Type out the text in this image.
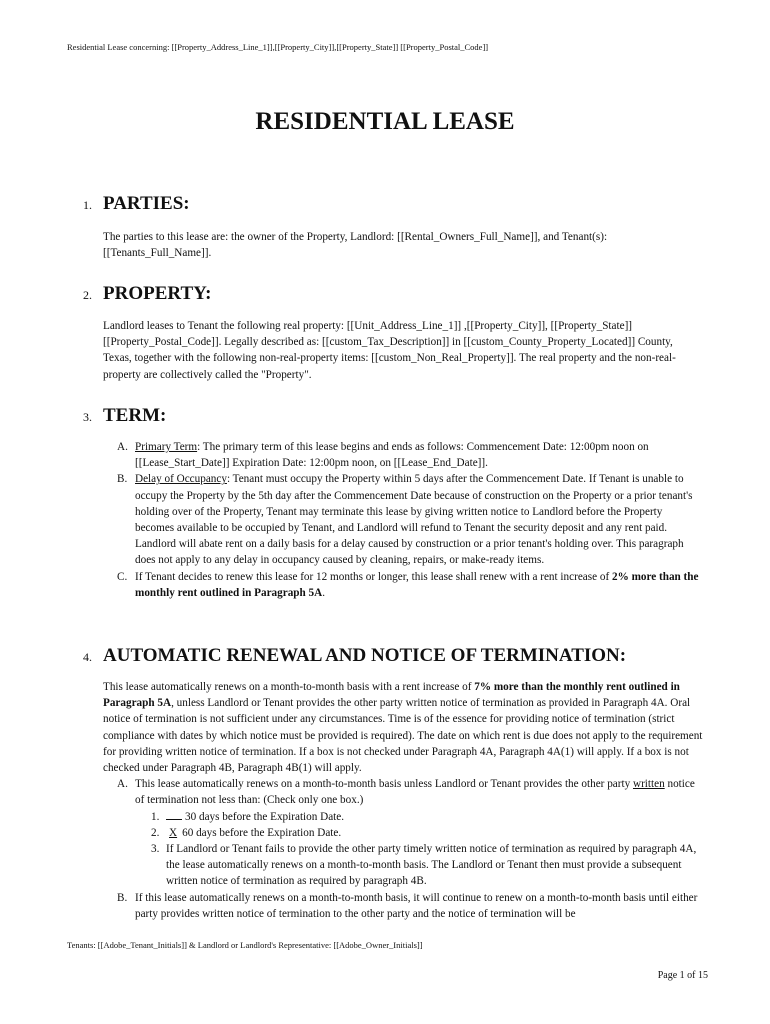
Residential Lease concerning: [[Property_Address_Line_1]],[[Property_City]],[[Property_State]] [[Property_Postal_Code]]
RESIDENTIAL LEASE
1. PARTIES:

The parties to this lease are: the owner of the Property, Landlord: [[Rental_Owners_Full_Name]], and Tenant(s): [[Tenants_Full_Name]].

2. PROPERTY:

Landlord leases to Tenant the following real property: [[Unit_Address_Line_1]] ,[[Property_City]], [[Property_State]] [[Property_Postal_Code]]. Legally described as: [[custom_Tax_Description]] in [[custom_County_Property_Located]] County, Texas, together with the following non-real-property items: [[custom_Non_Real_Property]]. The real property and the non-real-property are collectively called the "Property".

3. TERM:
A. Primary Term: The primary term of this lease begins and ends as follows: Commencement Date: 12:00pm noon on [[Lease_Start_Date]] Expiration Date: 12:00pm noon, on [[Lease_End_Date]].
B. Delay of Occupancy: Tenant must occupy the Property within 5 days after the Commencement Date. If Tenant is unable to occupy the Property by the 5th day after the Commencement Date because of construction on the Property or a prior tenant's holding over of the Property, Tenant may terminate this lease by giving written notice to Landlord before the Property becomes available to be occupied by Tenant, and Landlord will refund to Tenant the security deposit and any rent paid. Landlord will abate rent on a daily basis for a delay caused by construction or a prior tenant's holding over. This paragraph does not apply to any delay in occupancy caused by cleaning, repairs, or make-ready items.
C. If Tenant decides to renew this lease for 12 months or longer, this lease shall renew with a rent increase of 2% more than the monthly rent outlined in Paragraph 5A.
4. AUTOMATIC RENEWAL AND NOTICE OF TERMINATION:

This lease automatically renews on a month-to-month basis with a rent increase of 7% more than the monthly rent outlined in Paragraph 5A, unless Landlord or Tenant provides the other party written notice of termination as provided in Paragraph 4A. Oral notice of termination is not sufficient under any circumstances. Time is of the essence for providing notice of termination (strict compliance with dates by which notice must be provided is required). The date on which rent is due does not apply to the requirement for providing written notice of termination. If a box is not checked under Paragraph 4A, Paragraph 4A(1) will apply. If a box is not checked under Paragraph 4B, Paragraph 4B(1) will apply.

A. This lease automatically renews on a month-to-month basis unless Landlord or Tenant provides the other party written notice of termination not less than: (Check only one box.)
1.	30 days before the Expiration Date.
2. X 60 days before the Expiration Date.
3. If Landlord or Tenant fails to provide the other party timely written notice of termination as required by paragraph 4A, the lease automatically renews on a month-to-month basis. The Landlord or Tenant then must provide a subsequent written notice of termination as required by paragraph 4B.
B. If this lease automatically renews on a month-to-month basis, it will continue to renew on a month-to-month basis until either party provides written notice of termination to the other party and the notice of termination will be
Tenants: [[Adobe_Tenant_Initials]] & Landlord or Landlord's Representative: [[Adobe_Owner_Initials]]
Page 1 of 15
